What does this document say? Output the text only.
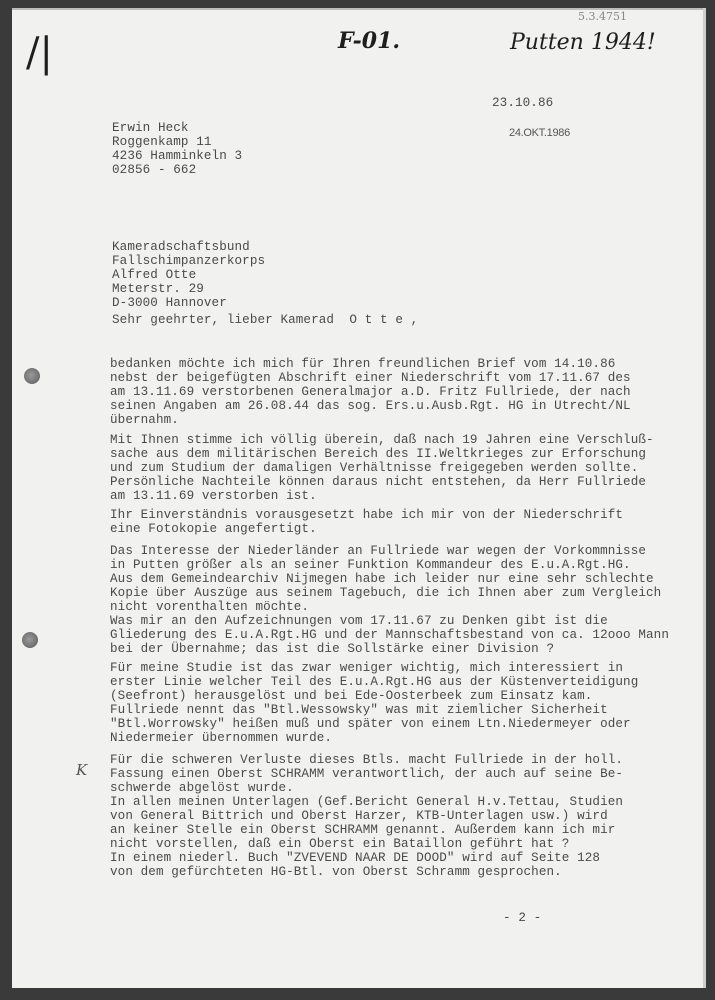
5.3.4751
F-01.	Putten 1944!
/|
K

Erwin Heck
Roggenkamp 11
4236 Hamminkeln 3
02856 - 662

23.10.86
24.OKT.1986

Kameradschaftsbund
Fallschimpanzerkorps
Alfred Otte
Meterstr. 29
D-3000 Hannover

Sehr geehrter, lieber Kamerad  O t t e ,
bedanken möchte ich mich für Ihren freundlichen Brief vom 14.10.86
nebst der beigefügten Abschrift einer Niederschrift vom 17.11.67 des
am 13.11.69 verstorbenen Generalmajor a.D. Fritz Fullriede, der nach
seinen Angaben am 26.08.44 das sog. Ers.u.Ausb.Rgt. HG in Utrecht/NL
übernahm.
Mit Ihnen stimme ich völlig überein, daß nach 19 Jahren eine Verschluß-
sache aus dem militärischen Bereich des II.Weltkrieges zur Erforschung
und zum Studium der damaligen Verhältnisse freigegeben werden sollte.
Persönliche Nachteile können daraus nicht entstehen, da Herr Fullriede
am 13.11.69 verstorben ist.
Ihr Einverständnis vorausgesetzt habe ich mir von der Niederschrift
eine Fotokopie angefertigt.
Das Interesse der Niederländer an Fullriede war wegen der Vorkommnisse
in Putten größer als an seiner Funktion Kommandeur des E.u.A.Rgt.HG.
Aus dem Gemeindearchiv Nijmegen habe ich leider nur eine sehr schlechte
Kopie über Auszüge aus seinem Tagebuch, die ich Ihnen aber zum Vergleich
nicht vorenthalten möchte.
Was mir an den Aufzeichnungen vom 17.11.67 zu Denken gibt ist die
Gliederung des E.u.A.Rgt.HG und der Mannschaftsbestand von ca. 12ooo Mann
bei der Übernahme; das ist die Sollstärke einer Division ?
Für meine Studie ist das zwar weniger wichtig, mich interessiert in
erster Linie welcher Teil des E.u.A.Rgt.HG aus der Küstenverteidigung
(Seefront) herausgelöst und bei Ede-Oosterbeek zum Einsatz kam.
Fullriede nennt das "Btl.Wessowsky" was mit ziemlicher Sicherheit
"Btl.Worrowsky" heißen muß und später von einem Ltn.Niedermeyer oder
Niedermeier übernommen wurde.
Für die schweren Verluste dieses Btls. macht Fullriede in der holl.
Fassung einen Oberst SCHRAMM verantwortlich, der auch auf seine Be-
schwerde abgelöst wurde.
In allen meinen Unterlagen (Gef.Bericht General H.v.Tettau, Studien
von General Bittrich und Oberst Harzer, KTB-Unterlagen usw.) wird
an keiner Stelle ein Oberst SCHRAMM genannt. Außerdem kann ich mir
nicht vorstellen, daß ein Oberst ein Bataillon geführt hat ?
In einem niederl. Buch "ZVEVEND NAAR DE DOOD" wird auf Seite 128
von dem gefürchteten HG-Btl. von Oberst Schramm gesprochen.
- 2 -
